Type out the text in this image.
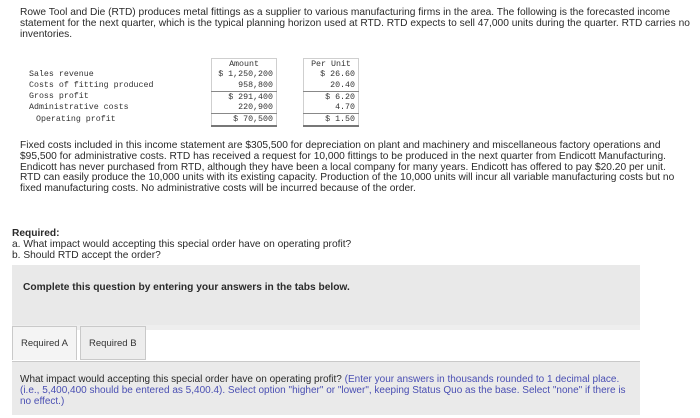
Rowe Tool and Die (RTD) produces metal fittings as a supplier to various manufacturing firms in the area. The following is the forecasted income statement for the next quarter, which is the typical planning horizon used at RTD. RTD expects to sell 47,000 units during the quarter. RTD carries no inventories.
	Amount		Per Unit
Sales revenue	$ 1,250,200		$ 26.60
Costs of fitting produced	958,800		20.40
Gross profit	$ 291,400		$ 6.20
Administrative costs	220,900		4.70
Operating profit	$ 70,500		$ 1.50
Fixed costs included in this income statement are $305,500 for depreciation on plant and machinery and miscellaneous factory operations and $95,500 for administrative costs. RTD has received a request for 10,000 fittings to be produced in the next quarter from Endicott Manufacturing. Endicott has never purchased from RTD, although they have been a local company for many years. Endicott has offered to pay $20.20 per unit. RTD can easily produce the 10,000 units with its existing capacity. Production of the 10,000 units will incur all variable manufacturing costs but no fixed manufacturing costs. No administrative costs will be incurred because of the order.
Required:
a. What impact would accepting this special order have on operating profit?
b. Should RTD accept the order?
Complete this question by entering your answers in the tabs below.
Required A	Required B
What impact would accepting this special order have on operating profit? (Enter your answers in thousands rounded to 1 decimal place. (i.e., 5,400,400 should be entered as 5,400.4). Select option "higher" or "lower", keeping Status Quo as the base. Select "none" if there is no effect.)
